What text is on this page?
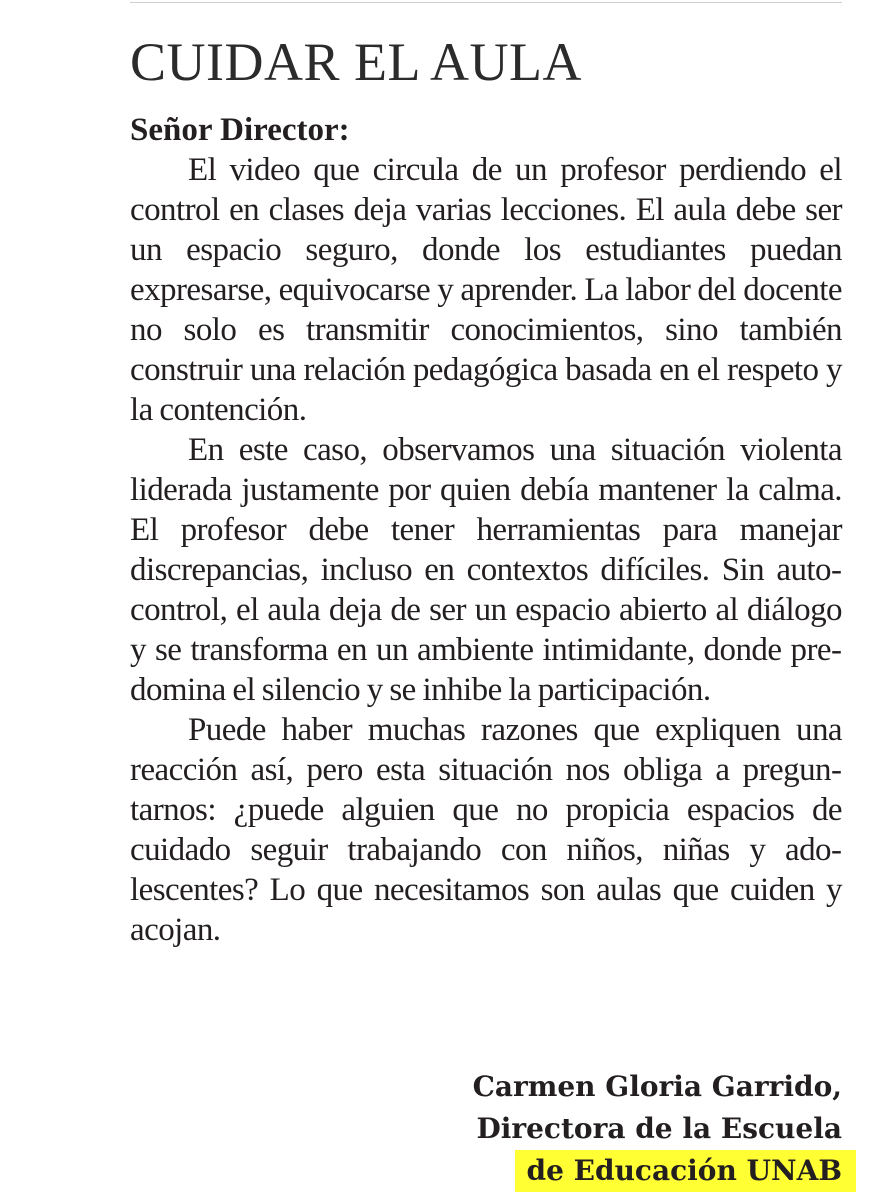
CUIDAR EL AULA

Señor Director:

El video que circula de un profesor perdiendo el control en clases deja varias lecciones. El aula debe ser un espacio seguro, donde los estudiantes puedan expresarse, equivocarse y aprender. La labor del docente no solo es transmitir conocimientos, sino también construir una relación pedagógica basada en el respeto y la contención.

En este caso, observamos una situación violenta liderada justamente por quien debía mantener la calma. El profesor debe tener herramientas para manejar discrepancias, incluso en contextos difíciles. Sin autocontrol, el aula deja de ser un espacio abierto al diálogo y se transforma en un ambiente intimidante, donde predomina el silencio y se inhibe la participación.

Puede haber muchas razones que expliquen una reacción así, pero esta situación nos obliga a preguntarnos: ¿puede alguien que no propicia espacios de cuidado seguir trabajando con niños, niñas y adolescentes? Lo que necesitamos son aulas que cuiden y acojan.

Carmen Gloria Garrido,
Directora de la Escuela
de Educación UNAB
